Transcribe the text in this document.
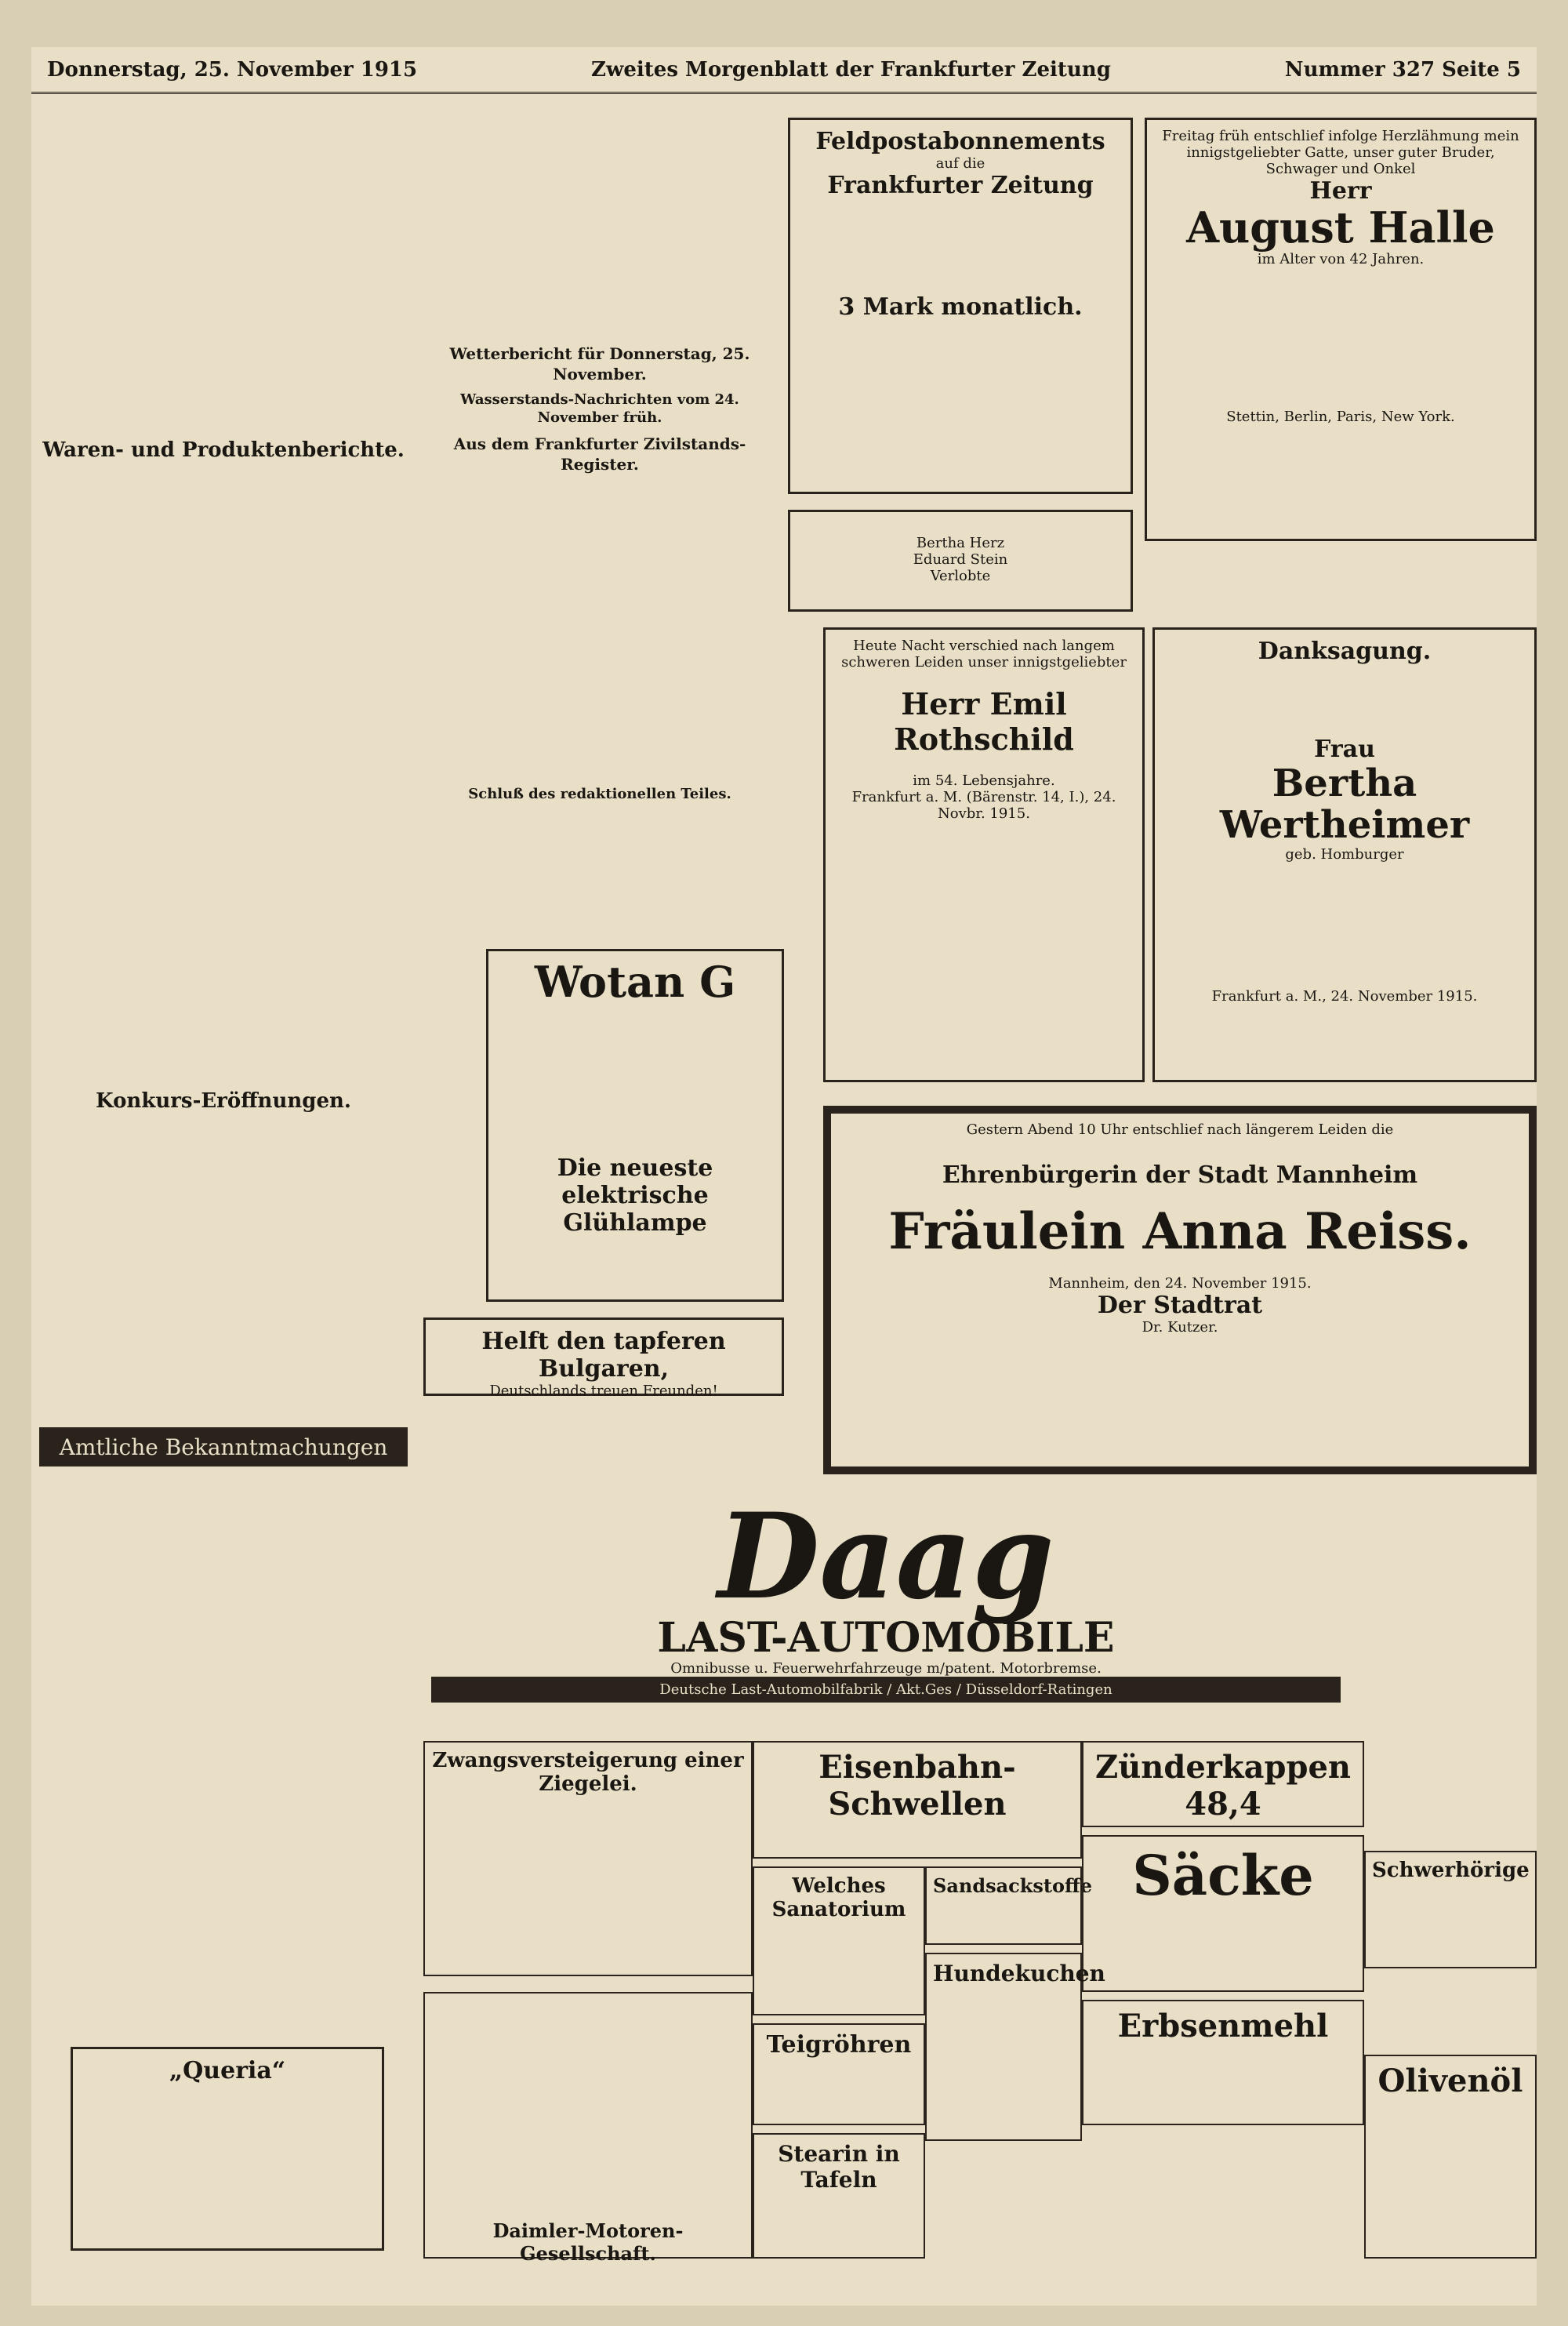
Donnerstag, 25. November 1915	Zweites Morgenblatt der Frankfurter Zeitung	Nummer 327 Seite 5
Waren- und Produktenberichte.
Konkurs-Eröffnungen.
Amtliche Bekanntmachungen
„Queria“
Wetterbericht für Donnerstag, 25. November.
Wasserstands-Nachrichten vom 24. November früh.
Aus dem Frankfurter Zivilstands-Register.
Schluß des redaktionellen Teiles.
Wotan G
Die neueste elektrische Glühlampe
Helft den tapferen Bulgaren,
Deutschlands treuen Freunden!
Feldpostabonnements
auf die
Frankfurter Zeitung
3 Mark monatlich.

Bertha Herz
Eduard Stein
Verlobte

Freitag früh entschlief infolge Herzlähmung mein innigstgeliebter Gatte, unser guter Bruder, Schwager und Onkel
Herr
August Halle
im Alter von 42 Jahren.
Stettin, Berlin, Paris, New York.
Heute Nacht verschied nach langem schweren Leiden unser innigstgeliebter
Herr Emil Rothschild
im 54. Lebensjahre.
Frankfurt a. M. (Bärenstr. 14, I.), 24. Novbr. 1915.
Danksagung.
Frau
Bertha Wertheimer
geb. Homburger
Frankfurt a. M., 24. November 1915.
Gestern Abend 10 Uhr entschlief nach längerem Leiden die
Ehrenbürgerin der Stadt Mannheim
Fräulein Anna Reiss.
Mannheim, den 24. November 1915.
Der Stadtrat
Dr. Kutzer.
Daag
LAST-AUTOMOBILE
Omnibusse u. Feuerwehrfahrzeuge m/patent. Motorbremse.
Deutsche Last-Automobilfabrik / Akt.Ges / Düsseldorf-Ratingen
Zwangsversteigerung einer Ziegelei.	Eisenbahn-Schwellen
Zünderkappen 48,4
Sandsackstoffe Säcke
Hundekuchen
Erbsenmehl
Teigröhren
Stearin in Tafeln
Olivenöl
Schwerhörige
Daimler-Motoren-Gesellschaft.
Welches Sanatorium
